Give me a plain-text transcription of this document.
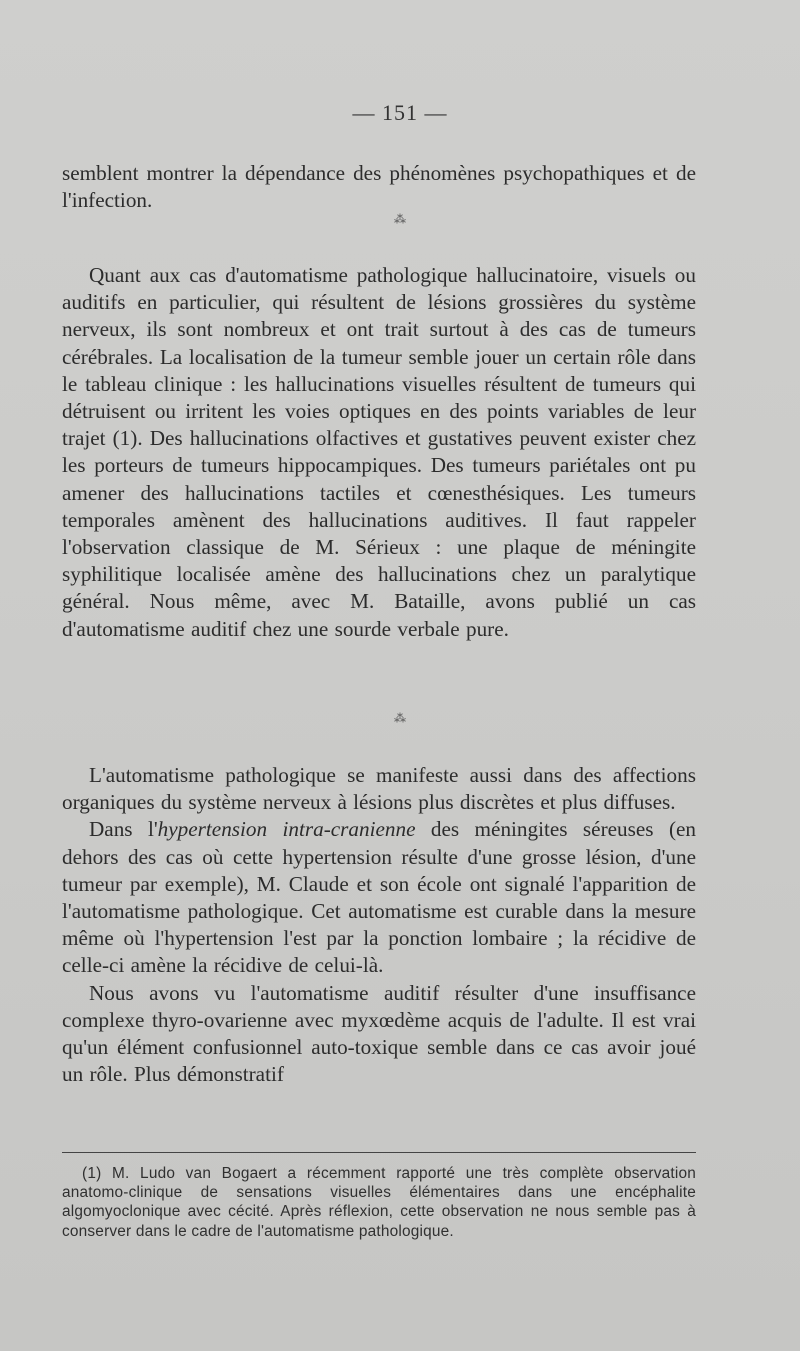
— 151 —

semblent montrer la dépendance des phénomènes psychopathiques et de l'infection.

⁂

Quant aux cas d'automatisme pathologique hallucinatoire, visuels ou auditifs en particulier, qui résultent de lésions grossières du système nerveux, ils sont nombreux et ont trait surtout à des cas de tumeurs cérébrales. La localisation de la tumeur semble jouer un certain rôle dans le tableau clinique : les hallucinations visuelles résultent de tumeurs qui détruisent ou irritent les voies optiques en des points variables de leur trajet (1). Des hallucinations olfactives et gustatives peuvent exister chez les porteurs de tumeurs hippocampiques. Des tumeurs pariétales ont pu amener des hallucinations tactiles et cœnesthésiques. Les tumeurs temporales amènent des hallucinations auditives. Il faut rappeler l'observation classique de M. Sérieux : une plaque de méningite syphilitique localisée amène des hallucinations chez un paralytique général. Nous même, avec M. Bataille, avons publié un cas d'automatisme auditif chez une sourde verbale pure.

⁂

L'automatisme pathologique se manifeste aussi dans des affections organiques du système nerveux à lésions plus discrètes et plus diffuses.

Dans l'hypertension intra-cranienne des méningites séreuses (en dehors des cas où cette hypertension résulte d'une grosse lésion, d'une tumeur par exemple), M. Claude et son école ont signalé l'apparition de l'automatisme pathologique. Cet automatisme est curable dans la mesure même où l'hypertension l'est par la ponction lombaire ; la récidive de celle-ci amène la récidive de celui-là.

Nous avons vu l'automatisme auditif résulter d'une insuffisance complexe thyro-ovarienne avec myxœdème acquis de l'adulte. Il est vrai qu'un élément confusionnel auto-toxique semble dans ce cas avoir joué un rôle. Plus démonstratif

(1) M. Ludo van Bogaert a récemment rapporté une très complète observation anatomo-clinique de sensations visuelles élémentaires dans une encéphalite algomyoclonique avec cécité. Après réflexion, cette observation ne nous semble pas à conserver dans le cadre de l'automatisme pathologique.
